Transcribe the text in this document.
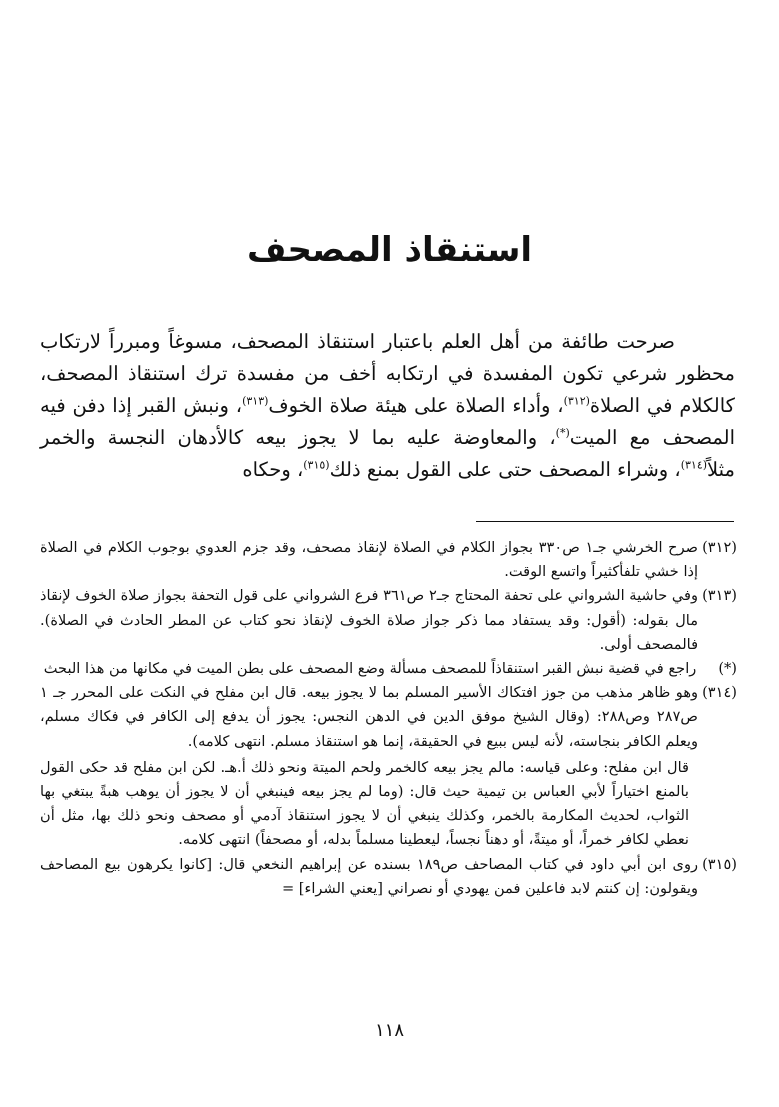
استنقاذ المصحف

صرحت طائفة من أهل العلم باعتبار استنقاذ المصحف، مسوغاً ومبرراً لارتكاب محظور شرعي تكون المفسدة في ارتكابه أخف من مفسدة ترك استنقاذ المصحف، كالكلام في الصلاة$^{(٣١٢)}$، وأداء الصلاة على هيئة صلاة الخوف$^{(٣١٣)}$، ونبش القبر إذا دفن فيه المصحف مع الميت(*)، والمعاوضة عليه بما لا يجوز بيعه كالأدهان النجسة والخمر مثلاً$^{(٣١٤)}$، وشراء المصحف حتى على القول بمنع ذلك$^{(٣١٥)}$، وحكاه

(٣١٢)
صرح الخرشي جـ١ ص٣٣٠ بجواز الكلام في الصلاة لإنقاذ مصحف، وقد جزم العدوي بوجوب الكلام في الصلاة إذا خشي تلفأكثيراً واتسع الوقت.
(٣١٣)
وفي حاشية الشرواني على تحفة المحتاج جـ٢ ص٣٦١ فرع الشرواني على قول التحفة بجواز صلاة الخوف لإنقاذ مال بقوله: (أقول: وقد يستفاد مما ذكر جواز صلاة الخوف لإنقاذ نحو كتاب عن المطر الحادث في الصلاة). فالمصحف أولى.
(*)
راجع في قضية نبش القبر استنقاذاً للمصحف مسألة وضع المصحف على بطن الميت في مكانها من هذا البحث
(٣١٤)
وهو ظاهر مذهب من جوز افتكاك الأسير المسلم بما لا يجوز بيعه. قال ابن مفلح في النكت على المحرر جـ ١ ص٢٨٧ وص٢٨٨: (وقال الشيخ موفق الدين في الدهن النجس: يجوز أن يدفع إلى الكافر في فكاك مسلم، ويعلم الكافر بنجاسته، لأنه ليس ببيع في الحقيقة، إنما هو استنقاذ مسلم. انتهى كلامه).
قال ابن مفلح: وعلى قياسه: مالم يجز بيعه كالخمر ولحم الميتة ونحو ذلك أ.هـ. لكن ابن مفلح قد حكى القول بالمنع اختياراً لأبي العباس بن تيمية حيث قال: (وما لم يجز بيعه فينبغي أن لا يجوز أن يوهب هبةً يبتغي بها الثواب، لحديث المكارمة بالخمر، وكذلك ينبغي أن لا يجوز استنقاذ آدمي أو مصحف ونحو ذلك بها، مثل أن نعطي لكافر خمراً، أو ميتةً، أو دهناً نجساً، ليعطينا مسلماً بدله، أو مصحفاً) انتهى كلامه.
(٣١٥)
روى ابن أبي داود في كتاب المصاحف ص١٨٩ بسنده عن إبراهيم النخعي قال: [كانوا يكرهون بيع المصاحف ويقولون: إن كنتم لابد فاعلين فمن يهودي أو نصراني [يعني الشراء] =
١١٨
